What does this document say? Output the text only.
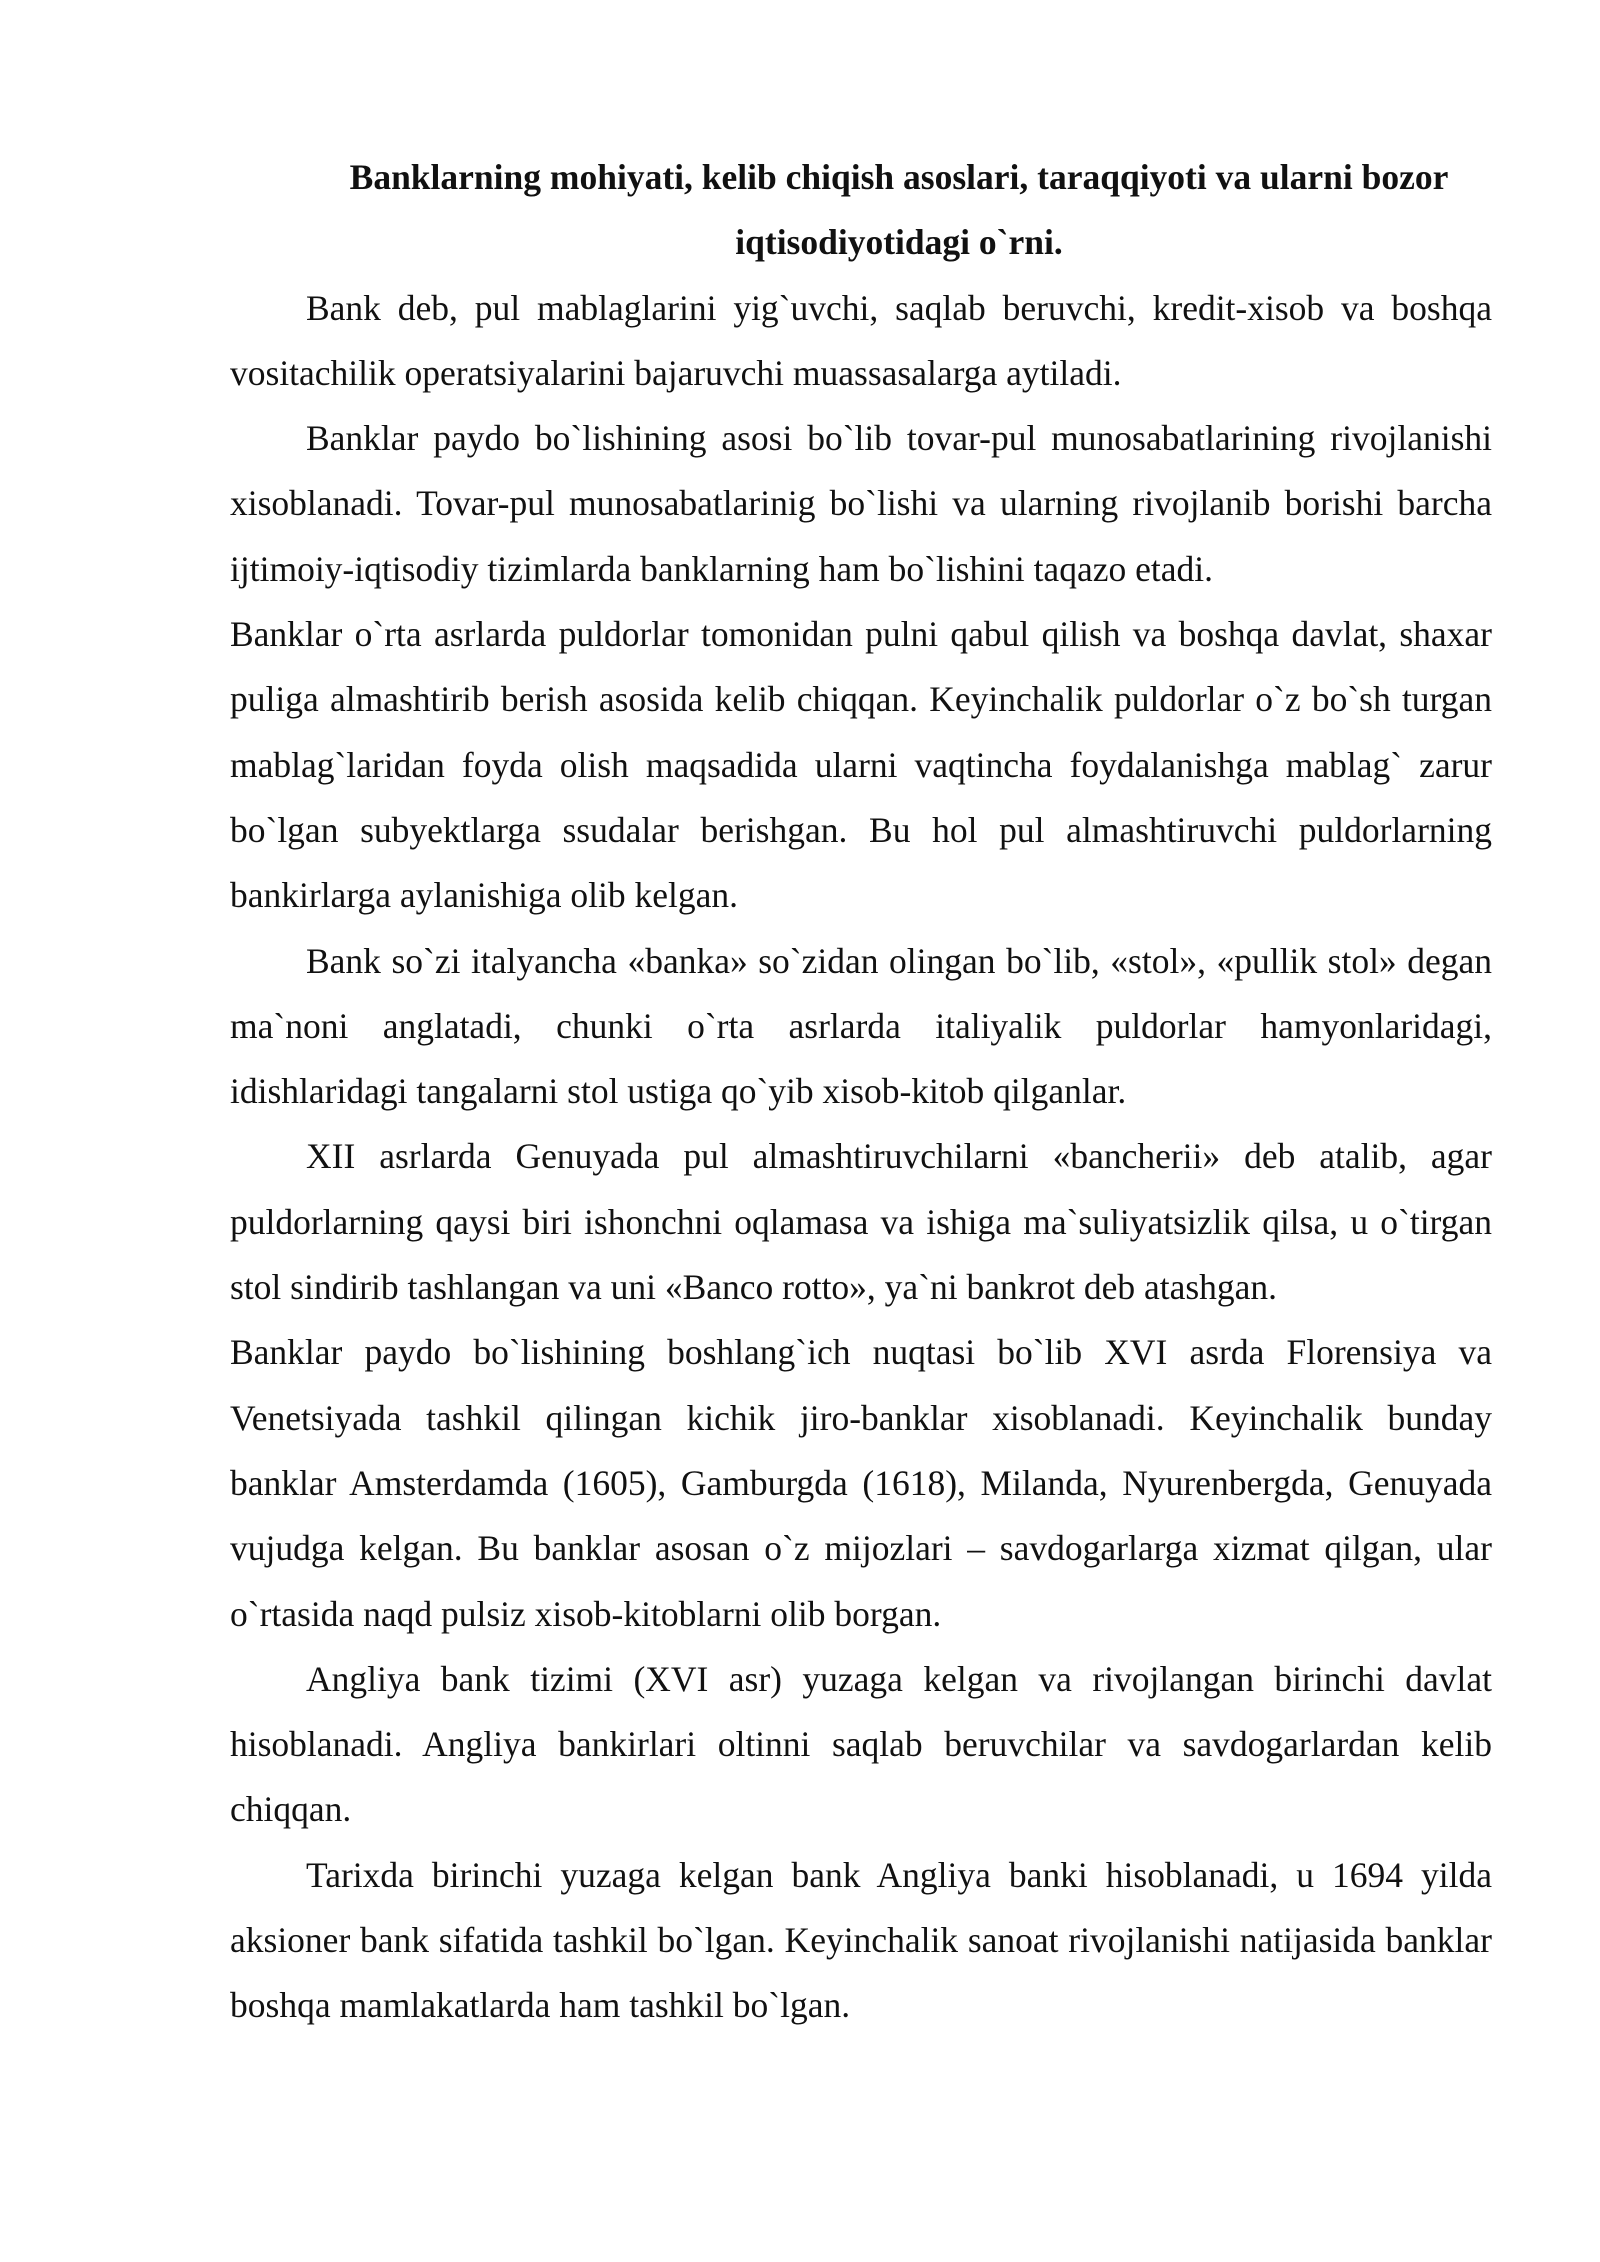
Banklarning mohiyati, kelib chiqish asoslari, taraqqiyoti va ularni bozor iqtisodiyotidagi o`rni.

Bank deb, pul mablaglarini yig`uvchi, saqlab beruvchi, kredit-xisob va boshqa vositachilik operatsiyalarini bajaruvchi muassasalarga aytiladi.

Banklar paydo bo`lishining asosi bo`lib tovar-pul munosabatlarining rivojlanishi xisoblanadi. Tovar-pul munosabatlarinig bo`lishi va ularning rivojlanib borishi barcha ijtimoiy-iqtisodiy tizimlarda banklarning ham bo`lishini taqazo etadi.

Banklar o`rta asrlarda puldorlar tomonidan pulni qabul qilish va boshqa davlat, shaxar puliga almashtirib berish asosida kelib chiqqan. Keyinchalik puldorlar o`z bo`sh turgan mablag`laridan foyda olish maqsadida ularni vaqtincha foydalanishga mablag` zarur bo`lgan subyektlarga ssudalar berishgan. Bu hol pul almashtiruvchi puldorlarning bankirlarga aylanishiga olib kelgan.

Bank so`zi italyancha «banka» so`zidan olingan bo`lib, «stol», «pullik stol» degan ma`noni anglatadi, chunki o`rta asrlarda italiyalik puldorlar hamyonlaridagi, idishlaridagi tangalarni stol ustiga qo`yib xisob-kitob qilganlar.

XII asrlarda Genuyada pul almashtiruvchilarni «bancherii» deb atalib, agar puldorlarning qaysi biri ishonchni oqlamasa va ishiga ma`suliyatsizlik qilsa, u o`tirgan stol sindirib tashlangan va uni «Banco rotto», ya`ni bankrot deb atashgan.

Banklar paydo bo`lishining boshlang`ich nuqtasi bo`lib XVI asrda Florensiya va Venetsiyada tashkil qilingan kichik jiro-banklar xisoblanadi. Keyinchalik bunday banklar Amsterdamda (1605), Gamburgda (1618), Milanda, Nyurenbergda, Genuyada vujudga kelgan. Bu banklar asosan o`z mijozlari – savdogarlarga xizmat qilgan, ular o`rtasida naqd pulsiz xisob-kitoblarni olib borgan.

Angliya bank tizimi (XVI asr) yuzaga kelgan va rivojlangan birinchi davlat hisoblanadi. Angliya bankirlari oltinni saqlab beruvchilar va savdogarlardan kelib chiqqan.

Tarixda birinchi yuzaga kelgan bank Angliya banki hisoblanadi, u 1694 yilda aksioner bank sifatida tashkil bo`lgan. Keyinchalik sanoat rivojlanishi natijasida banklar boshqa mamlakatlarda ham tashkil bo`lgan.
